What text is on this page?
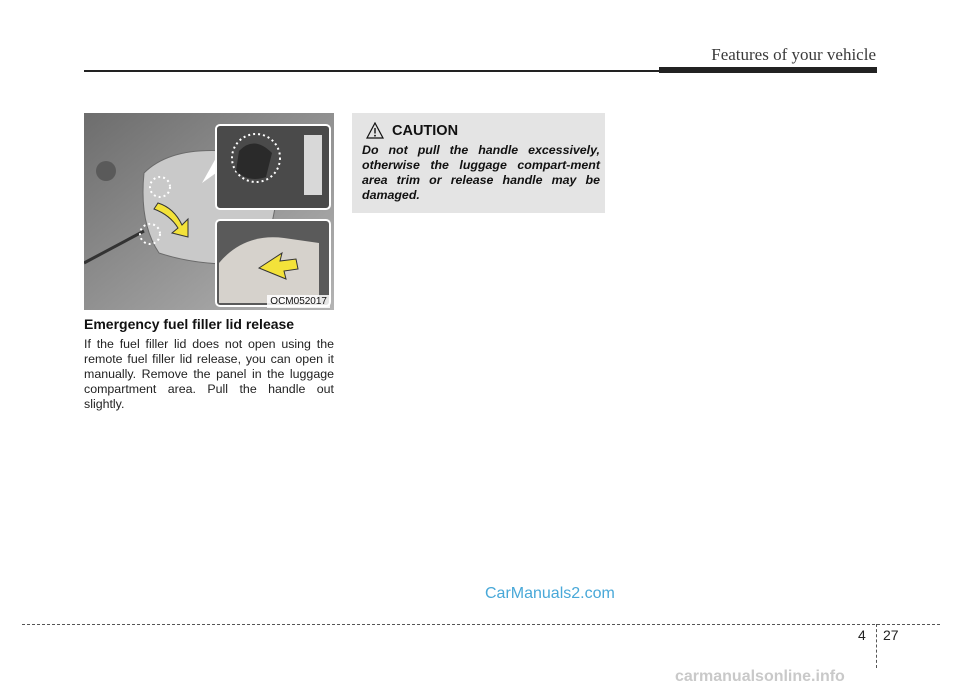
Features of your vehicle
OCM052017
Emergency fuel filler lid release
If the fuel filler lid does not open using the remote fuel filler lid release, you can open it manually. Remove the panel in the luggage compartment area. Pull the handle out slightly.
CAUTION
Do not pull the handle excessively, otherwise the luggage compart-ment area trim or release handle may be damaged.
CarManuals2.com
4 27
carmanualsonline.info
